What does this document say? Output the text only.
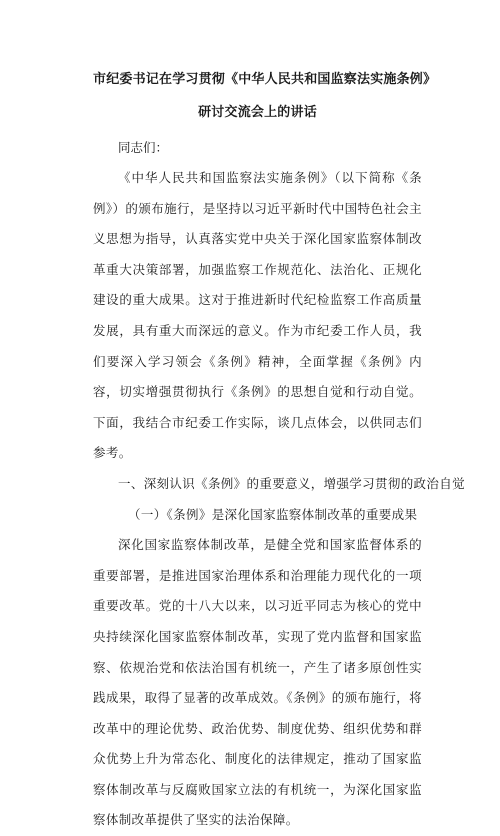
市纪委书记在学习贯彻《中华人民共和国监察法实施条例》
研讨交流会上的讲话
同志们：

《中华人民共和国监察法实施条例》（以下简称《条例》）的颁布施行，是坚持以习近平新时代中国特色社会主义思想为指导，认真落实党中央关于深化国家监察体制改革重大决策部署，加强监察工作规范化、法治化、正规化建设的重大成果。这对于推进新时代纪检监察工作高质量发展，具有重大而深远的意义。作为市纪委工作人员，我们要深入学习领会《条例》精神，全面掌握《条例》内容，切实增强贯彻执行《条例》的思想自觉和行动自觉。下面，我结合市纪委工作实际，谈几点体会，以供同志们参考。

一、深刻认识《条例》的重要意义，增强学习贯彻的政治自觉

（一）《条例》是深化国家监察体制改革的重要成果

深化国家监察体制改革，是健全党和国家监督体系的重要部署，是推进国家治理体系和治理能力现代化的一项重要改革。党的十八大以来，以习近平同志为核心的党中央持续深化国家监察体制改革，实现了党内监督和国家监察、依规治党和依法治国有机统一，产生了诸多原创性实践成果，取得了显著的改革成效。《条例》的颁布施行，将改革中的理论优势、政治优势、制度优势、组织优势和群众优势上升为常态化、制度化的法律规定，推动了国家监察体制改革与反腐败国家立法的有机统一，为深化国家监察体制改革提供了坚实的法治保障。
